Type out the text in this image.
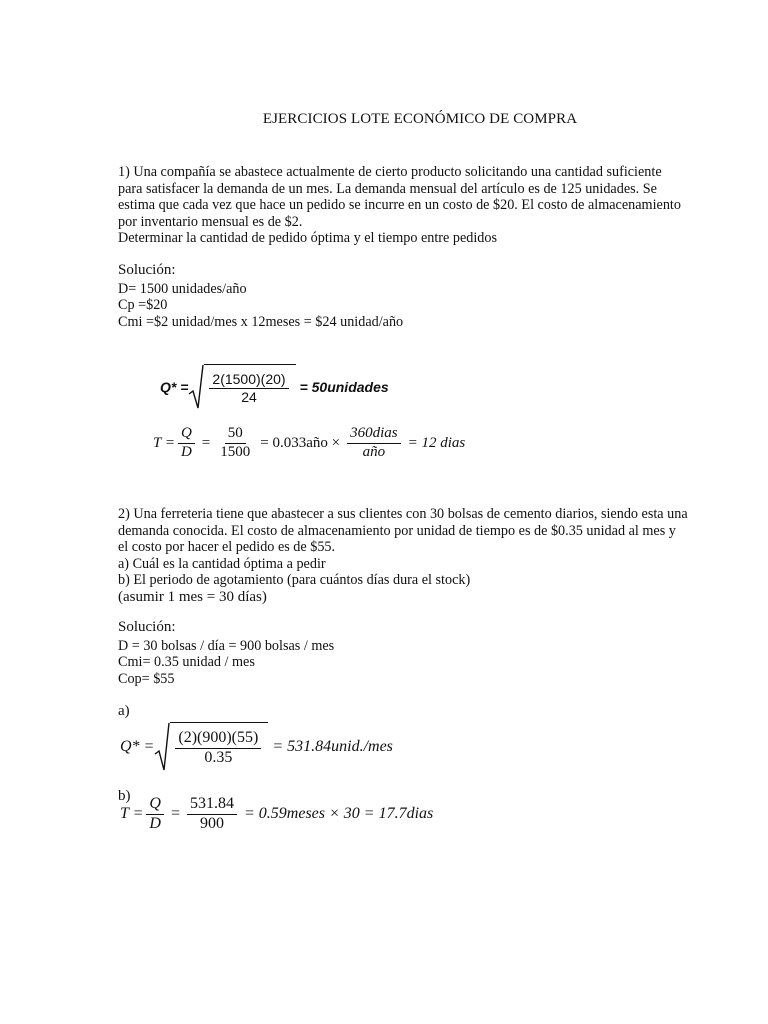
EJERCICIOS LOTE ECONÓMICO DE COMPRA

1) Una compañía se abastece actualmente de cierto producto solicitando una cantidad suficiente

para satisfacer la demanda de un mes. La demanda mensual del artículo es de 125 unidades. Se

estima que cada vez que hace un pedido se incurre en un costo de $20. El costo de almacenamiento

por inventario mensual es de $2.

Determinar la cantidad de pedido óptima y el tiempo entre pedidos

Solución:

D= 1500 unidades/año

Cp =$20

Cmi =$2 unidad/mes x 12meses = $24 unidad/año

$Q* = \frac{2(1500)(20)}{24}$ = 50unidades
$T = \frac{Q}{D} = \frac{50}{1500}$ = 0.033año × $\frac{\text{360dias}}{\text{año}} = 12$ dias

2) Una ferreteria tiene que abastecer a sus clientes con 30 bolsas de cemento diarios, siendo esta una

demanda conocida. El costo de almacenamiento por unidad de tiempo es de $0.35 unidad al mes y

el costo por hacer el pedido es de $55.

a) Cuál es la cantidad óptima a pedir

b) El periodo de agotamiento (para cuántos días dura el stock)

(asumir 1 mes = 30 días)

Solución:

D = 30 bolsas / día = 900 bolsas / mes

Cmi= 0.35 unidad / mes

Cop= $55

a)
$Q* = \frac{(2)(900)(55)}{0.35}$ = 531.84unid./mes
b)
$T = \frac{Q}{D} = \frac{531.84}{900}$ = 0.59meses × 30 = 17.7dias
